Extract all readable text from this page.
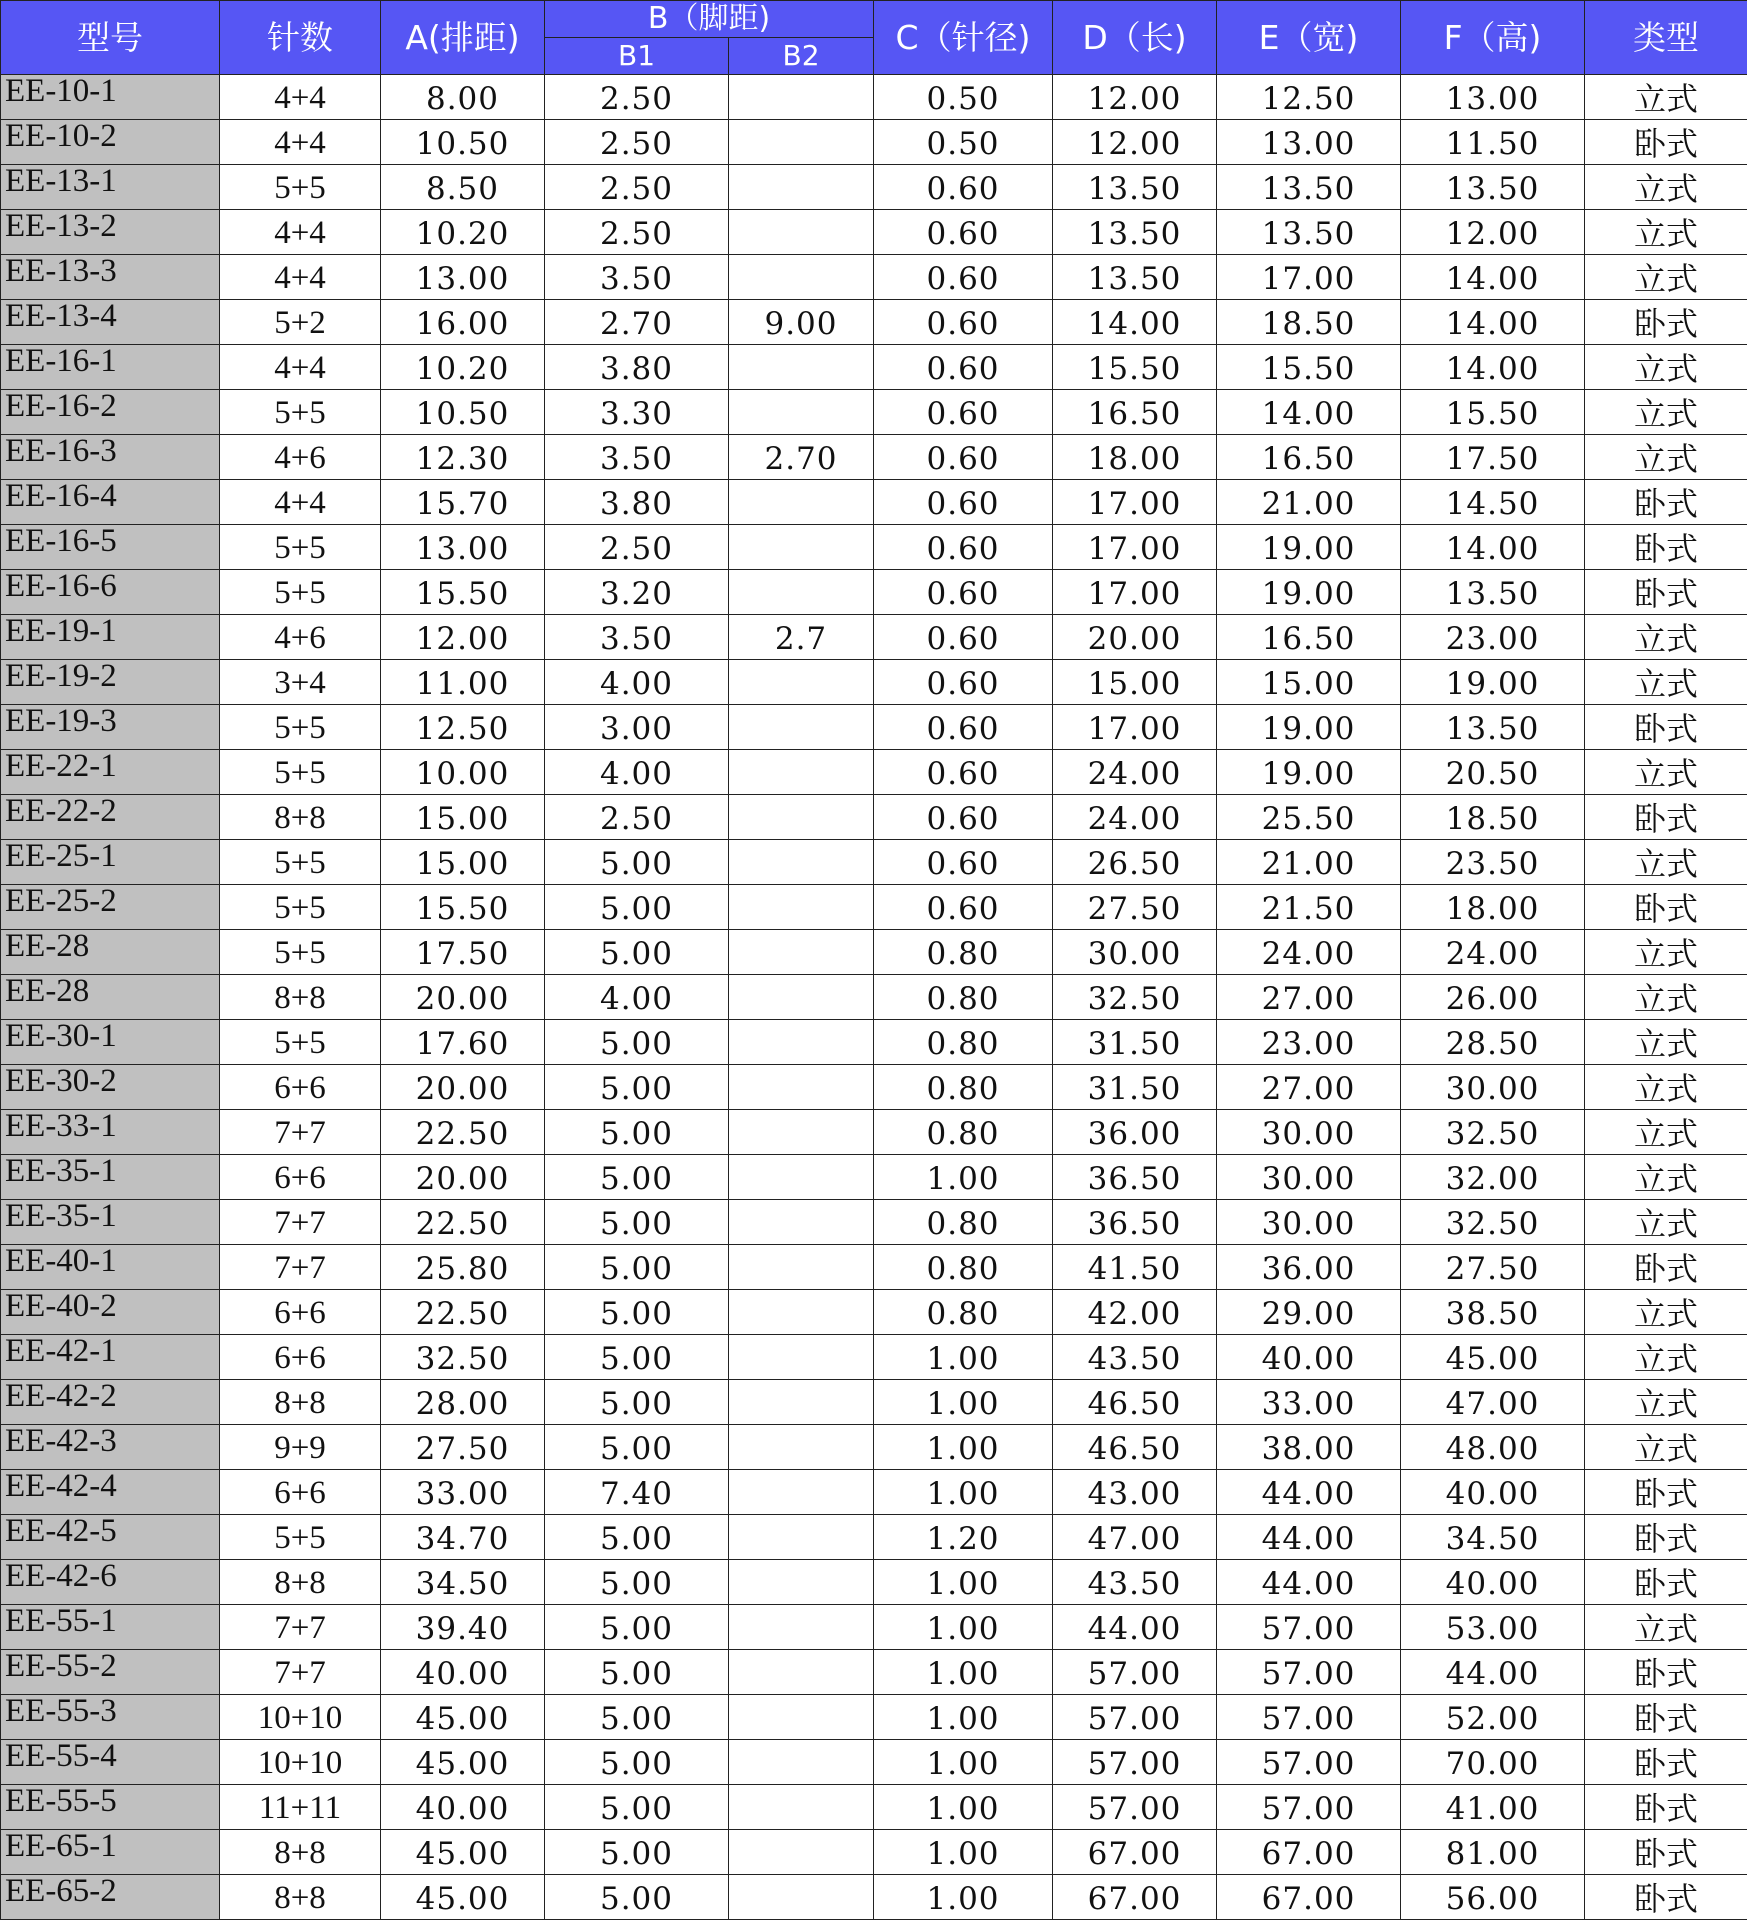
型号	针数	A(排距)	B（脚距)		C（针径)	D（长)	E（宽)	F（高)	类型
			B1	B2					
EE-10-1	4+4	8.00	2.50		0.50	12.00	12.50	13.00	立式
EE-10-2	4+4	10.50	2.50		0.50	12.00	13.00	11.50	卧式
EE-13-1	5+5	8.50	2.50		0.60	13.50	13.50	13.50	立式
EE-13-2	4+4	10.20	2.50		0.60	13.50	13.50	12.00	立式
EE-13-3	4+4	13.00	3.50		0.60	13.50	17.00	14.00	立式
EE-13-4	5+2	16.00	2.70	9.00	0.60	14.00	18.50	14.00	卧式
EE-16-1	4+4	10.20	3.80		0.60	15.50	15.50	14.00	立式
EE-16-2	5+5	10.50	3.30		0.60	16.50	14.00	15.50	立式
EE-16-3	4+6	12.30	3.50	2.70	0.60	18.00	16.50	17.50	立式
EE-16-4	4+4	15.70	3.80		0.60	17.00	21.00	14.50	卧式
EE-16-5	5+5	13.00	2.50		0.60	17.00	19.00	14.00	卧式
EE-16-6	5+5	15.50	3.20		0.60	17.00	19.00	13.50	卧式
EE-19-1	4+6	12.00	3.50	2.7	0.60	20.00	16.50	23.00	立式
EE-19-2	3+4	11.00	4.00		0.60	15.00	15.00	19.00	立式
EE-19-3	5+5	12.50	3.00		0.60	17.00	19.00	13.50	卧式
EE-22-1	5+5	10.00	4.00		0.60	24.00	19.00	20.50	立式
EE-22-2	8+8	15.00	2.50		0.60	24.00	25.50	18.50	卧式
EE-25-1	5+5	15.00	5.00		0.60	26.50	21.00	23.50	立式
EE-25-2	5+5	15.50	5.00		0.60	27.50	21.50	18.00	卧式
EE-28	5+5	17.50	5.00		0.80	30.00	24.00	24.00	立式
EE-28	8+8	20.00	4.00		0.80	32.50	27.00	26.00	立式
EE-30-1	5+5	17.60	5.00		0.80	31.50	23.00	28.50	立式
EE-30-2	6+6	20.00	5.00		0.80	31.50	27.00	30.00	立式
EE-33-1	7+7	22.50	5.00		0.80	36.00	30.00	32.50	立式
EE-35-1	6+6	20.00	5.00		1.00	36.50	30.00	32.00	立式
EE-35-1	7+7	22.50	5.00		0.80	36.50	30.00	32.50	立式
EE-40-1	7+7	25.80	5.00		0.80	41.50	36.00	27.50	卧式
EE-40-2	6+6	22.50	5.00		0.80	42.00	29.00	38.50	立式
EE-42-1	6+6	32.50	5.00		1.00	43.50	40.00	45.00	立式
EE-42-2	8+8	28.00	5.00		1.00	46.50	33.00	47.00	立式
EE-42-3	9+9	27.50	5.00		1.00	46.50	38.00	48.00	立式
EE-42-4	6+6	33.00	7.40		1.00	43.00	44.00	40.00	卧式
EE-42-5	5+5	34.70	5.00		1.20	47.00	44.00	34.50	卧式
EE-42-6	8+8	34.50	5.00		1.00	43.50	44.00	40.00	卧式
EE-55-1	7+7	39.40	5.00		1.00	44.00	57.00	53.00	立式
EE-55-2	7+7	40.00	5.00		1.00	57.00	57.00	44.00	卧式
EE-55-3	10+10	45.00	5.00		1.00	57.00	57.00	52.00	卧式
EE-55-4	10+10	45.00	5.00		1.00	57.00	57.00	70.00	卧式
EE-55-5	11+11	40.00	5.00		1.00	57.00	57.00	41.00	卧式
EE-65-1	8+8	45.00	5.00		1.00	67.00	67.00	81.00	卧式
EE-65-2	8+8	45.00	5.00		1.00	67.00	67.00	56.00	卧式
